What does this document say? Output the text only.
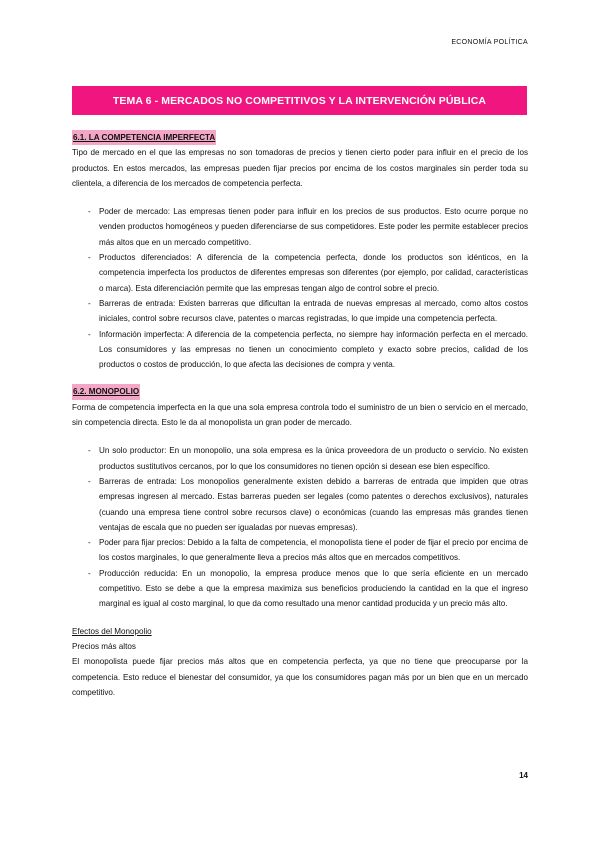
ECONOMÍA POLÍTICA
TEMA 6 - MERCADOS NO COMPETITIVOS Y LA INTERVENCIÓN PÚBLICA
6.1. LA COMPETENCIA IMPERFECTA

Tipo de mercado en el que las empresas no son tomadoras de precios y tienen cierto poder para influir en el precio de los productos. En estos mercados, las empresas pueden fijar precios por encima de los costos marginales sin perder toda su clientela, a diferencia de los mercados de competencia perfecta.

- Poder de mercado: Las empresas tienen poder para influir en los precios de sus productos. Esto ocurre porque no venden productos homogéneos y pueden diferenciarse de sus competidores. Este poder les permite establecer precios más altos que en un mercado competitivo.
- Productos diferenciados: A diferencia de la competencia perfecta, donde los productos son idénticos, en la competencia imperfecta los productos de diferentes empresas son diferentes (por ejemplo, por calidad, características o marca). Esta diferenciación permite que las empresas tengan algo de control sobre el precio.
- Barreras de entrada: Existen barreras que dificultan la entrada de nuevas empresas al mercado, como altos costos iniciales, control sobre recursos clave, patentes o marcas registradas, lo que impide una competencia perfecta.
- Información imperfecta: A diferencia de la competencia perfecta, no siempre hay información perfecta en el mercado. Los consumidores y las empresas no tienen un conocimiento completo y exacto sobre precios, calidad de los productos o costos de producción, lo que afecta las decisiones de compra y venta.
6.2. MONOPOLIO

Forma de competencia imperfecta en la que una sola empresa controla todo el suministro de un bien o servicio en el mercado, sin competencia directa. Esto le da al monopolista un gran poder de mercado.

- Un solo productor: En un monopolio, una sola empresa es la única proveedora de un producto o servicio. No existen productos sustitutivos cercanos, por lo que los consumidores no tienen opción si desean ese bien específico.
- Barreras de entrada: Los monopolios generalmente existen debido a barreras de entrada que impiden que otras empresas ingresen al mercado. Estas barreras pueden ser legales (como patentes o derechos exclusivos), naturales (cuando una empresa tiene control sobre recursos clave) o económicas (cuando las empresas más grandes tienen ventajas de escala que no pueden ser igualadas por nuevas empresas).
- Poder para fijar precios: Debido a la falta de competencia, el monopolista tiene el poder de fijar el precio por encima de los costos marginales, lo que generalmente lleva a precios más altos que en mercados competitivos.
- Producción reducida: En un monopolio, la empresa produce menos que lo que sería eficiente en un mercado competitivo. Esto se debe a que la empresa maximiza sus beneficios produciendo la cantidad en la que el ingreso marginal es igual al costo marginal, lo que da como resultado una menor cantidad producida y un precio más alto.
Efectos del Monopolio
Precios más altos

El monopolista puede fijar precios más altos que en competencia perfecta, ya que no tiene que preocuparse por la competencia. Esto reduce el bienestar del consumidor, ya que los consumidores pagan más por un bien que en un mercado competitivo.

14
